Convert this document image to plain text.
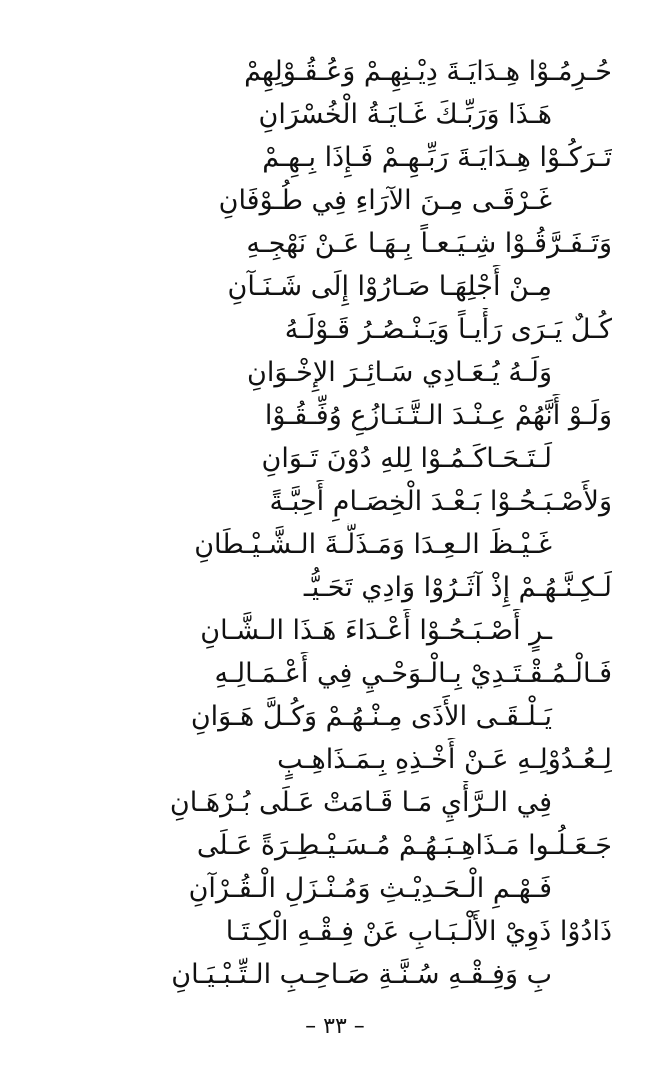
حُـرِمُـوْا هِـدَايَـةَ دِيْـنِهِـمْ وَعُـقُـوْلِهِمْ
هَـذَا وَرَبِّـكَ غَـايَـةُ الْخُسْرَانِ
تَـرَكُـوْا هِـدَايَـةَ رَبِّـهِـمْ فَـإِذَا بِـهِـمْ
غَـرْقَـى مِـنَ الآرَاءِ فِي طُـوْفَانِ
وَتَـفَـرَّقُـوْا شِـيَـعـاً بِـهَـا عَـنْ نَهْجِـهِ
مِـنْ أَجْلِهَـا صَـارُوْا إِلَى شَـنَـآنِ
كُـلٌ يَـرَى رَأْيـاً وَيَـنْـصُـرُ قَـوْلَـهُ
وَلَـهُ يُـعَـادِي سَـائِـرَ الإِخْـوَانِ
وَلَـوْ أَنَّهُمْ عِـنْـدَ الـتَّـنَـازُعِ وُفِّـقُـوْا
لَـتَـحَـاكَـمُـوْا لِلهِ دُوْنَ تَـوَانِ
وَلأَصْـبَـحُـوْا بَـعْـدَ الْخِصَـامِ أَحِبَّـةً
غَـيْـظَ الـعِـدَا وَمَـذَلَّـةَ الـشَّـيْـطَانِ
لَـكِـنَّـهُـمْ إِذْ آثَـرُوْا وَادِي تَحَـيُّـ
ـرٍ أَصْـبَـحُـوْا أَعْـدَاءَ هَـذَا الـشَّـانِ
فَـالْـمُـقْـتَـدِيْ بِـالْـوَحْـيِ فِي أَعْـمَـالِـهِ
يَـلْـقَـى الأَذَى مِـنْـهُـمْ وَكُـلَّ هَـوَانِ
لِـعُـدُوْلِـهِ عَـنْ أَخْـذِهِ بِـمَـذَاهِـبٍ
فِي الـرَّأْيِ مَـا قَـامَتْ عَـلَى بُـرْهَـانِ
جَـعَـلُـوا مَـذَاهِـبَـهُـمْ مُـسَـيْـطِـرَةً عَـلَى
فَـهْـمِ الْـحَـدِيْـثِ وَمُـنْـزَلِ الْـقُـرْآنِ
ذَادُوْا ذَوِيْ الأَلْـبَـابِ عَنْ فِـقْـهِ الْكِـتَـا
بِ وَفِـقْـهِ سُـنَّـةِ صَـاحِـبِ الـتِّـبْـيَـانِ
– ٣٣ –
